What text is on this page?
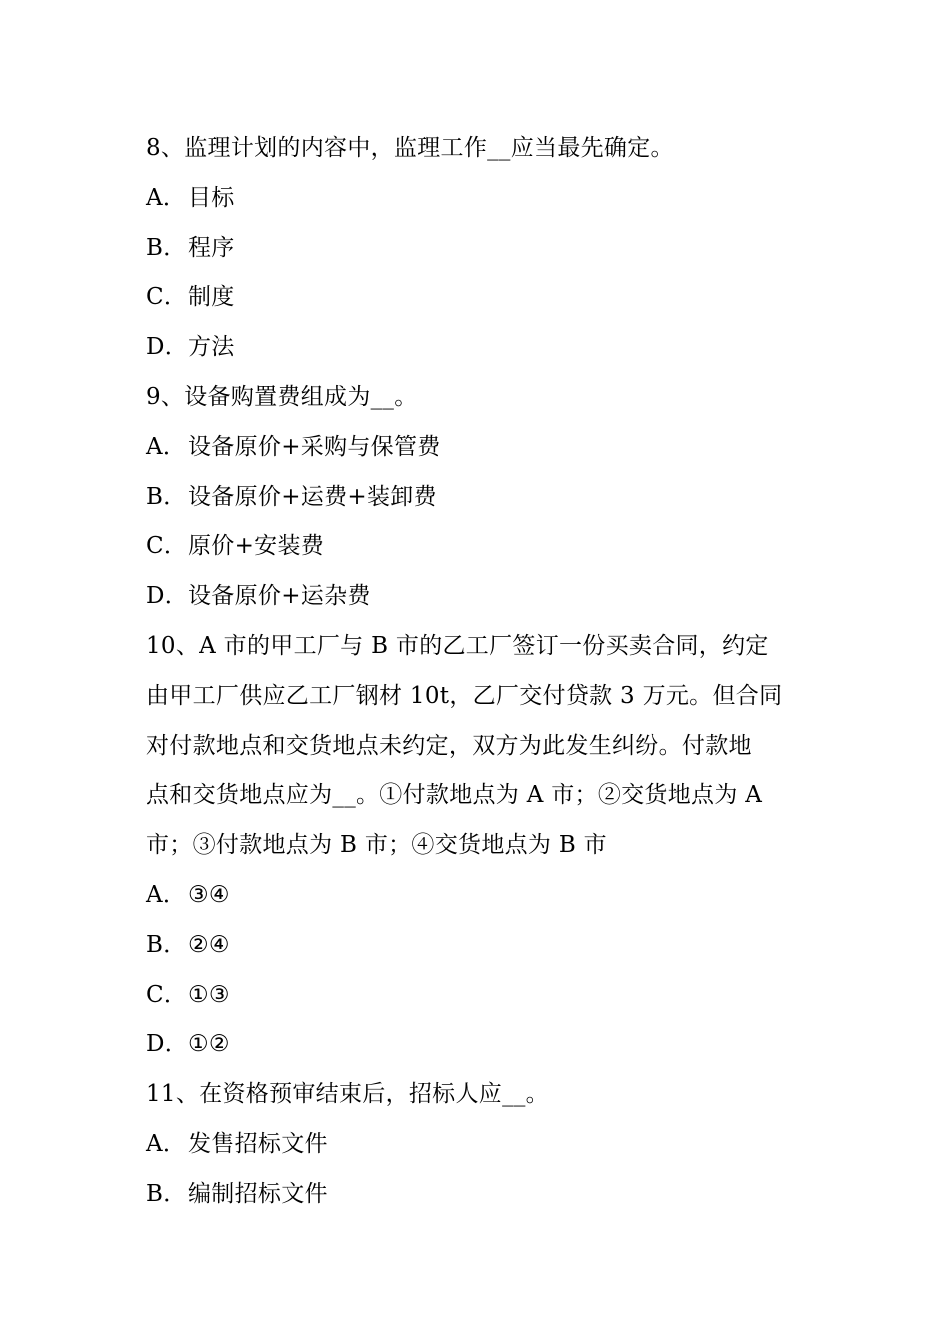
8、监理计划的内容中，监理工作__应当最先确定。
A．目标
B．程序
C．制度
D．方法
9、设备购置费组成为__。
A．设备原价+采购与保管费
B．设备原价+运费+装卸费
C．原价+安装费
D．设备原价+运杂费
10、A 市的甲工厂与 B 市的乙工厂签订一份买卖合同，约定
由甲工厂供应乙工厂钢材 10t，乙厂交付贷款 3 万元。但合同
对付款地点和交货地点未约定，双方为此发生纠纷。付款地
点和交货地点应为__。①付款地点为 A 市；②交货地点为 A
市；③付款地点为 B 市；④交货地点为 B 市
A．③④
B．②④
C．①③
D．①②
11、在资格预审结束后，招标人应__。
A．发售招标文件
B．编制招标文件
